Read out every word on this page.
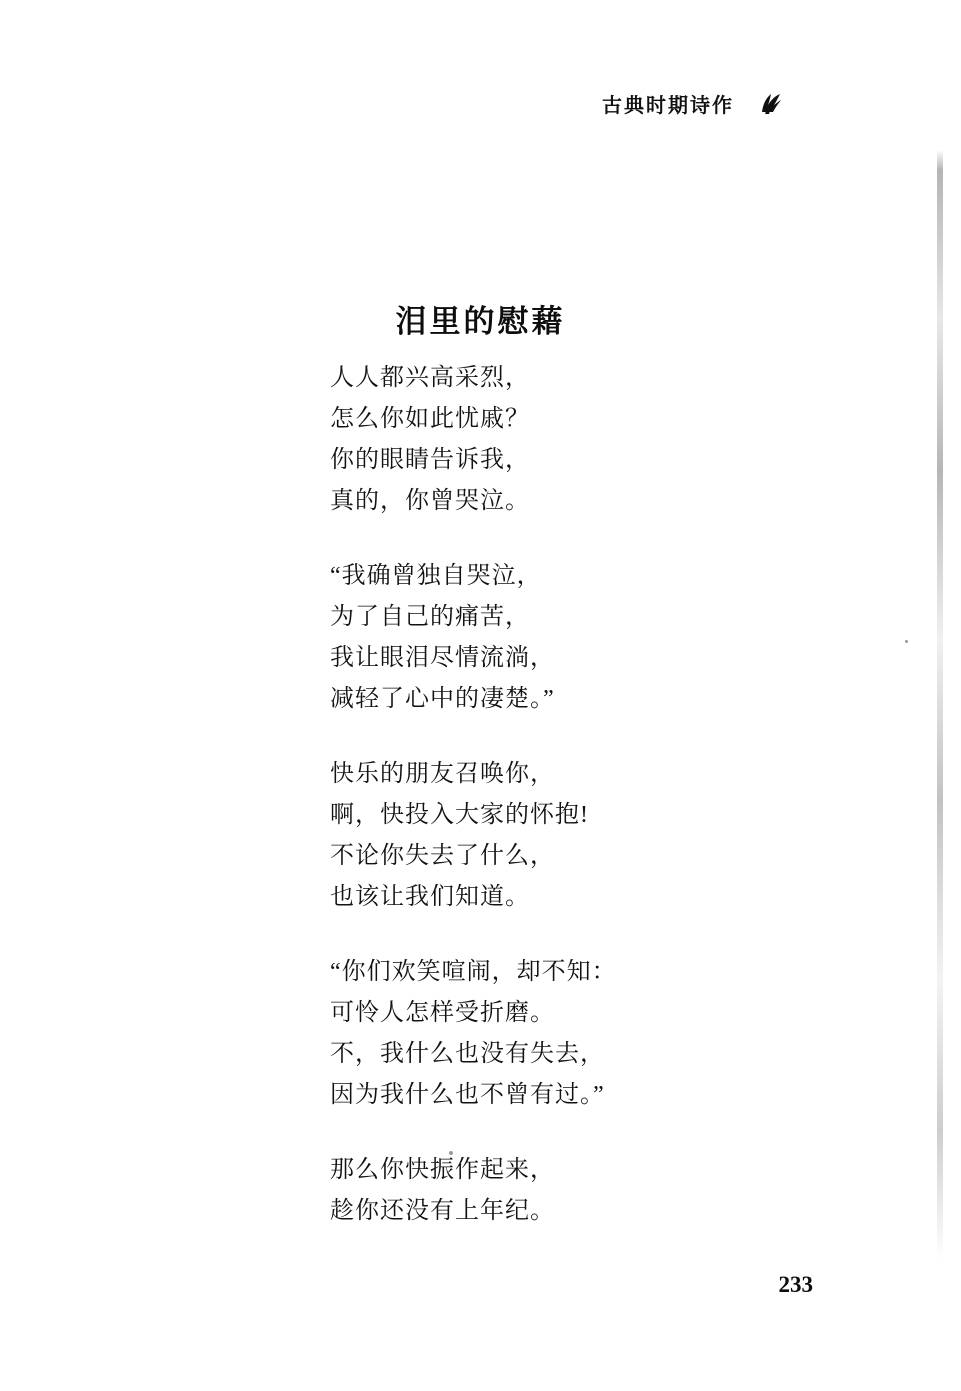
古典时期诗作
泪里的慰藉
人人都兴高采烈，
怎么你如此忧戚？
你的眼睛告诉我，
真的，你曾哭泣。
“我确曾独自哭泣，
为了自己的痛苦，
我让眼泪尽情流淌，
减轻了心中的凄楚。”
快乐的朋友召唤你，
啊，快投入大家的怀抱!
不论你失去了什么，
也该让我们知道。
“你们欢笑喧闹，却不知：
可怜人怎样受折磨。
不，我什么也没有失去，
因为我什么也不曾有过。”
那么你快振作起来，
趁你还没有上年纪。
233
